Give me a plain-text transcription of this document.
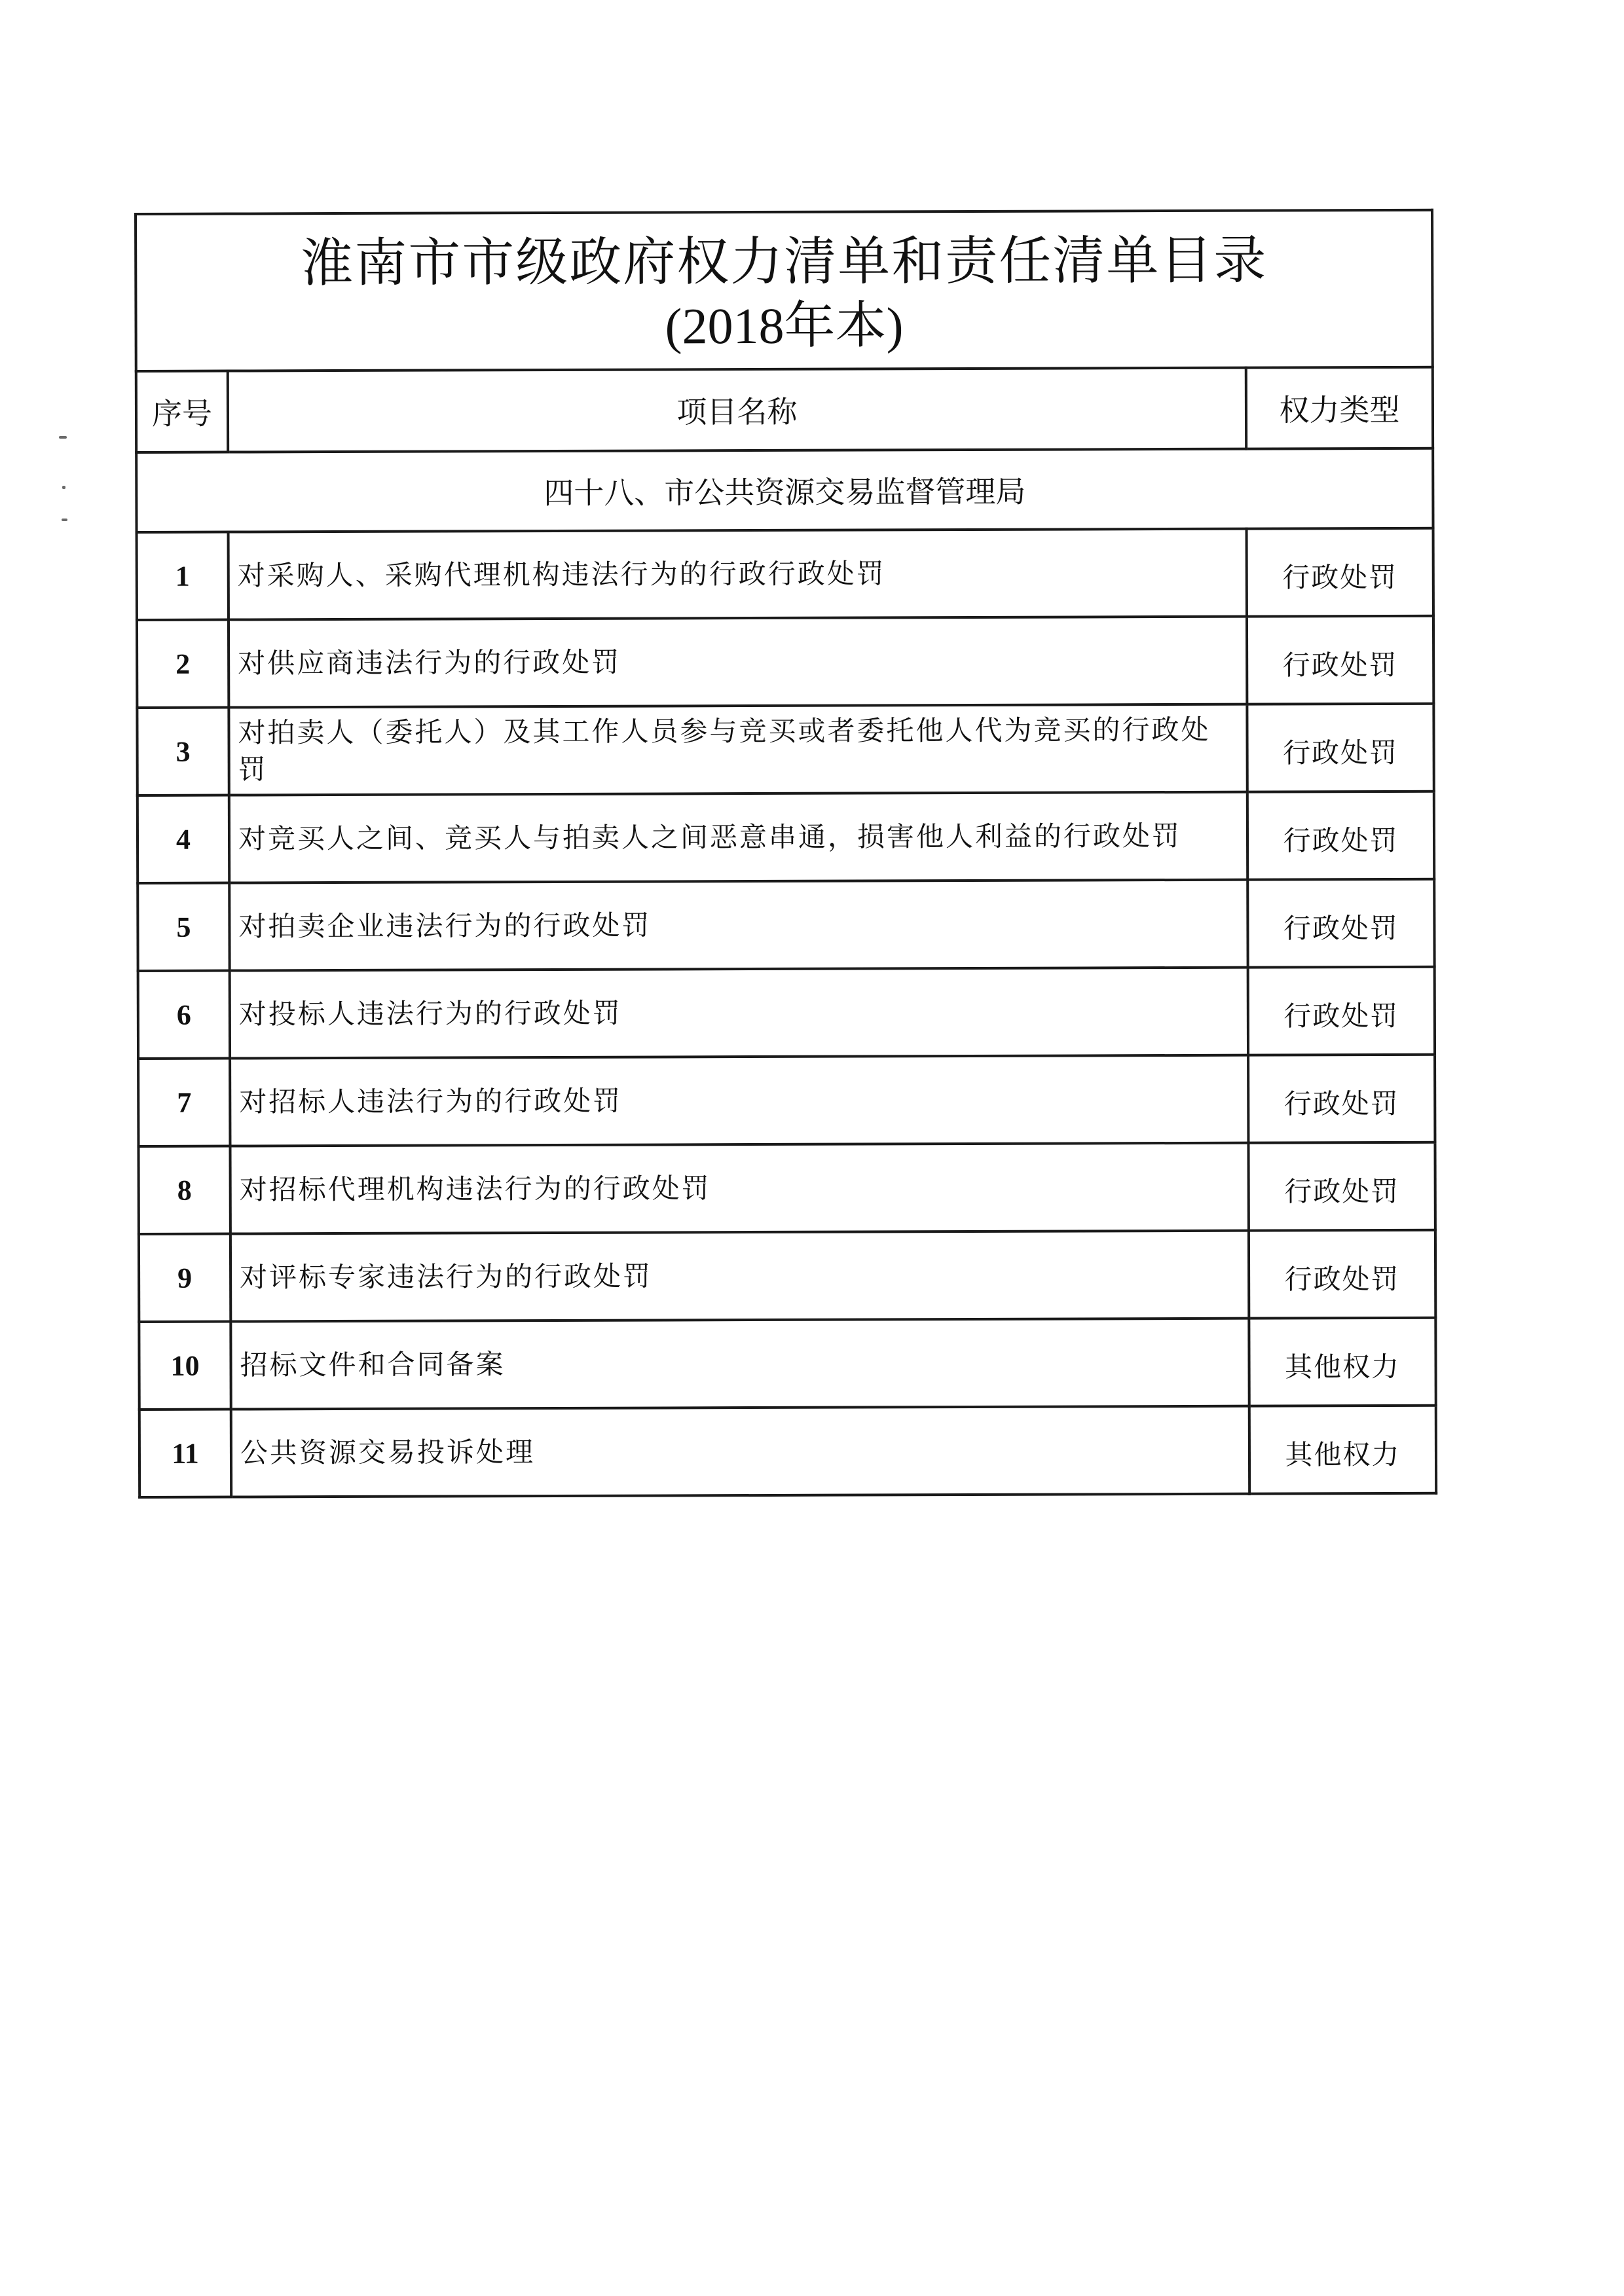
淮南市市级政府权力清单和责任清单目录
(2018年本)		

序号	项目名称	权力类型
四十八、市公共资源交易监督管理局		
1	对采购人、采购代理机构违法行为的行政行政处罚	行政处罚
2	对供应商违法行为的行政处罚	行政处罚
3	对拍卖人（委托人）及其工作人员参与竞买或者委托他人代为竞买的行政处罚	行政处罚
4	对竞买人之间、竞买人与拍卖人之间恶意串通，损害他人利益的行政处罚	行政处罚
5	对拍卖企业违法行为的行政处罚	行政处罚
6	对投标人违法行为的行政处罚	行政处罚
7	对招标人违法行为的行政处罚	行政处罚
8	对招标代理机构违法行为的行政处罚	行政处罚
9	对评标专家违法行为的行政处罚	行政处罚
10	招标文件和合同备案	其他权力
11	公共资源交易投诉处理	其他权力
